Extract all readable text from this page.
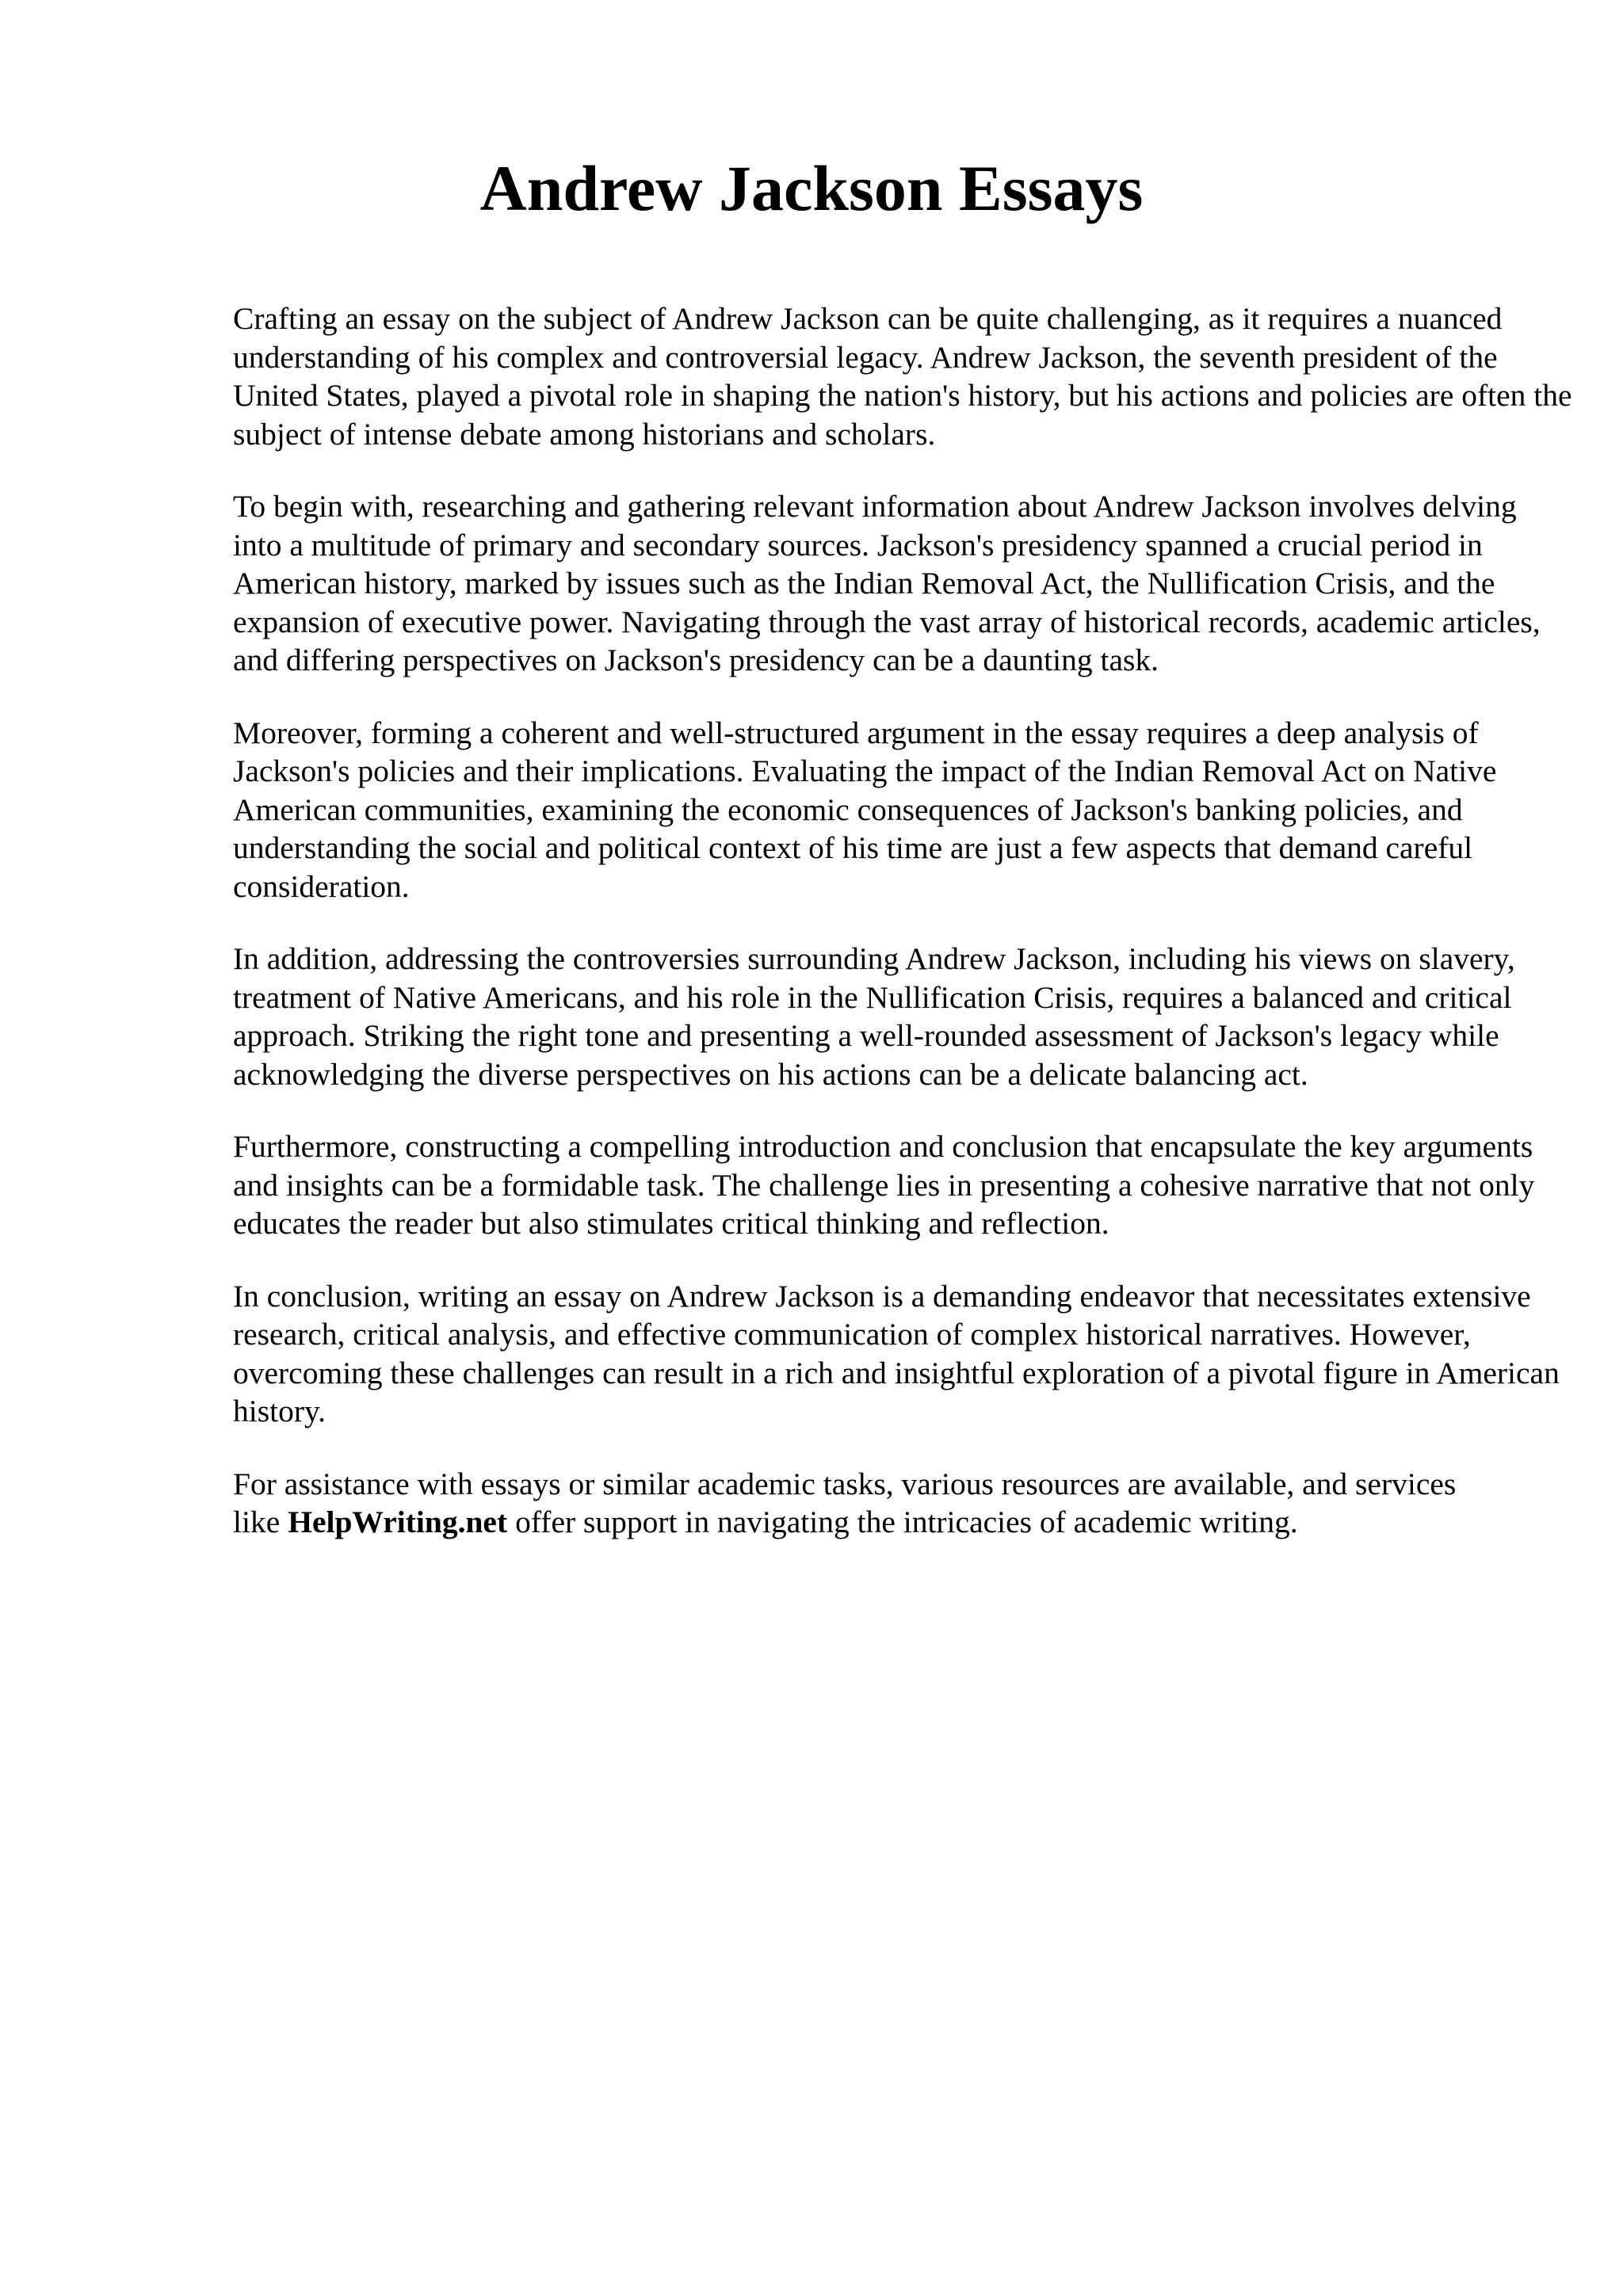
Andrew Jackson Essays

Crafting an essay on the subject of Andrew Jackson can be quite challenging, as it requires a nuanced understanding of his complex and controversial legacy. Andrew Jackson, the seventh president of the United States, played a pivotal role in shaping the nation's history, but his actions and policies are often the subject of intense debate among historians and scholars.

To begin with, researching and gathering relevant information about Andrew Jackson involves delving into a multitude of primary and secondary sources. Jackson's presidency spanned a crucial period in American history, marked by issues such as the Indian Removal Act, the Nullification Crisis, and the expansion of executive power. Navigating through the vast array of historical records, academic articles, and differing perspectives on Jackson's presidency can be a daunting task.

Moreover, forming a coherent and well-structured argument in the essay requires a deep analysis of Jackson's policies and their implications. Evaluating the impact of the Indian Removal Act on Native American communities, examining the economic consequences of Jackson's banking policies, and understanding the social and political context of his time are just a few aspects that demand careful consideration.

In addition, addressing the controversies surrounding Andrew Jackson, including his views on slavery, treatment of Native Americans, and his role in the Nullification Crisis, requires a balanced and critical approach. Striking the right tone and presenting a well-rounded assessment of Jackson's legacy while acknowledging the diverse perspectives on his actions can be a delicate balancing act.

Furthermore, constructing a compelling introduction and conclusion that encapsulate the key arguments and insights can be a formidable task. The challenge lies in presenting a cohesive narrative that not only educates the reader but also stimulates critical thinking and reflection.

In conclusion, writing an essay on Andrew Jackson is a demanding endeavor that necessitates extensive research, critical analysis, and effective communication of complex historical narratives. However, overcoming these challenges can result in a rich and insightful exploration of a pivotal figure in American history.

For assistance with essays or similar academic tasks, various resources are available, and services like HelpWriting.net offer support in navigating the intricacies of academic writing.
